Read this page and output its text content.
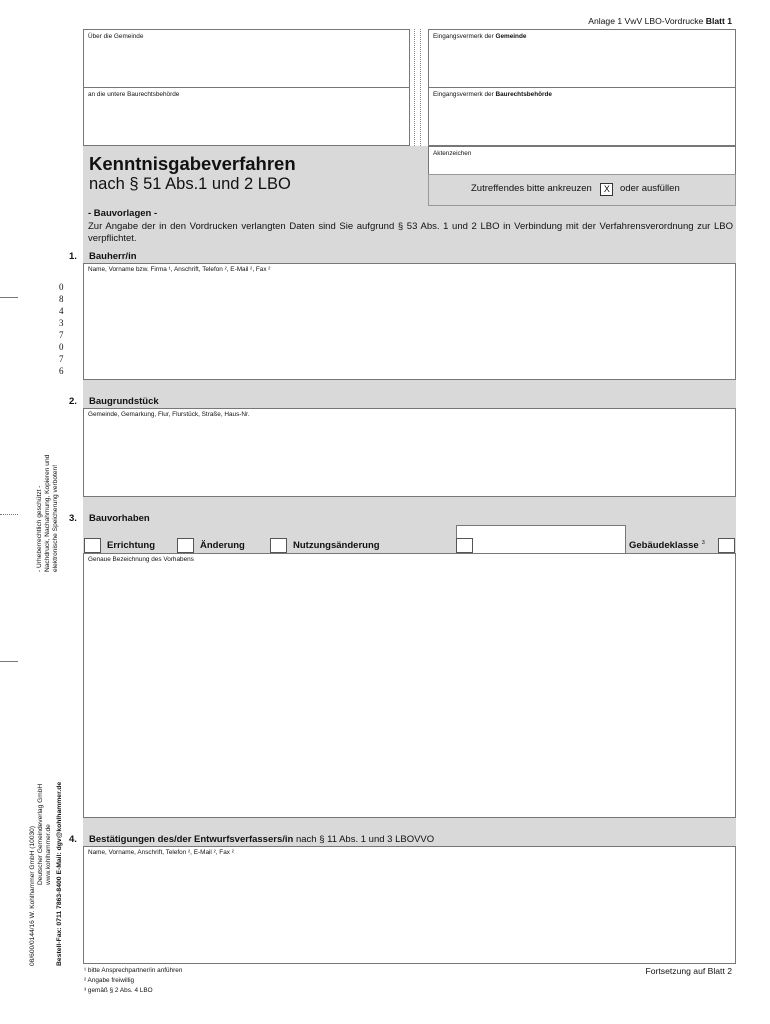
0
8
4
3
7
0
7
6
- Urheberrechtlich geschützt - Nachdruck, Nachahmung, Kopieren und elektronische Speicherung verboten!
08/600/0144/16 W. Kohlhammer GmbH (10030) Deutscher Gemeindeverlag GmbH www.kohlhammer.de Bestell-Fax: 0711 7863-8400 E-Mail: dgv@kohlhammer.de
Anlage 1 VwV LBO-Vordrucke Blatt 1
Über die Gemeinde
an die untere Baurechtsbehörde
Eingangsvermerk der Gemeinde
Eingangsvermerk der Baurechtsbehörde
Aktenzeichen
Zutreffendes bitte ankreuzen X oder ausfüllen
Kenntnisgabeverfahren
nach § 51 Abs.1 und 2 LBO
- Bauvorlagen -
Zur Angabe der in den Vordrucken verlangten Daten sind Sie aufgrund § 53 Abs. 1 und 2 LBO in Verbindung mit der Verfahrensverordnung zur LBO verpflichtet.
1. Bauherr/in
Name, Vorname bzw. Firma ¹, Anschrift, Telefon ², E-Mail ², Fax ²
2. Baugrundstück
Gemeinde, Gemarkung, Flur, Flurstück, Straße, Haus-Nr.
3. Bauvorhaben
Errichtung	Änderung	Nutzungsänderung	Gebäudeklasse $^3$
Genaue Bezeichnung des Vorhabens
4. Bestätigungen des/der Entwurfsverfassers/in nach § 11 Abs. 1 und 3 LBOVVO
Name, Vorname, Anschrift, Telefon ², E-Mail ², Fax ²
¹ bitte Ansprechpartner/in anführen
² Angabe freiwillig
³ gemäß § 2 Abs. 4 LBO
Fortsetzung auf Blatt 2
